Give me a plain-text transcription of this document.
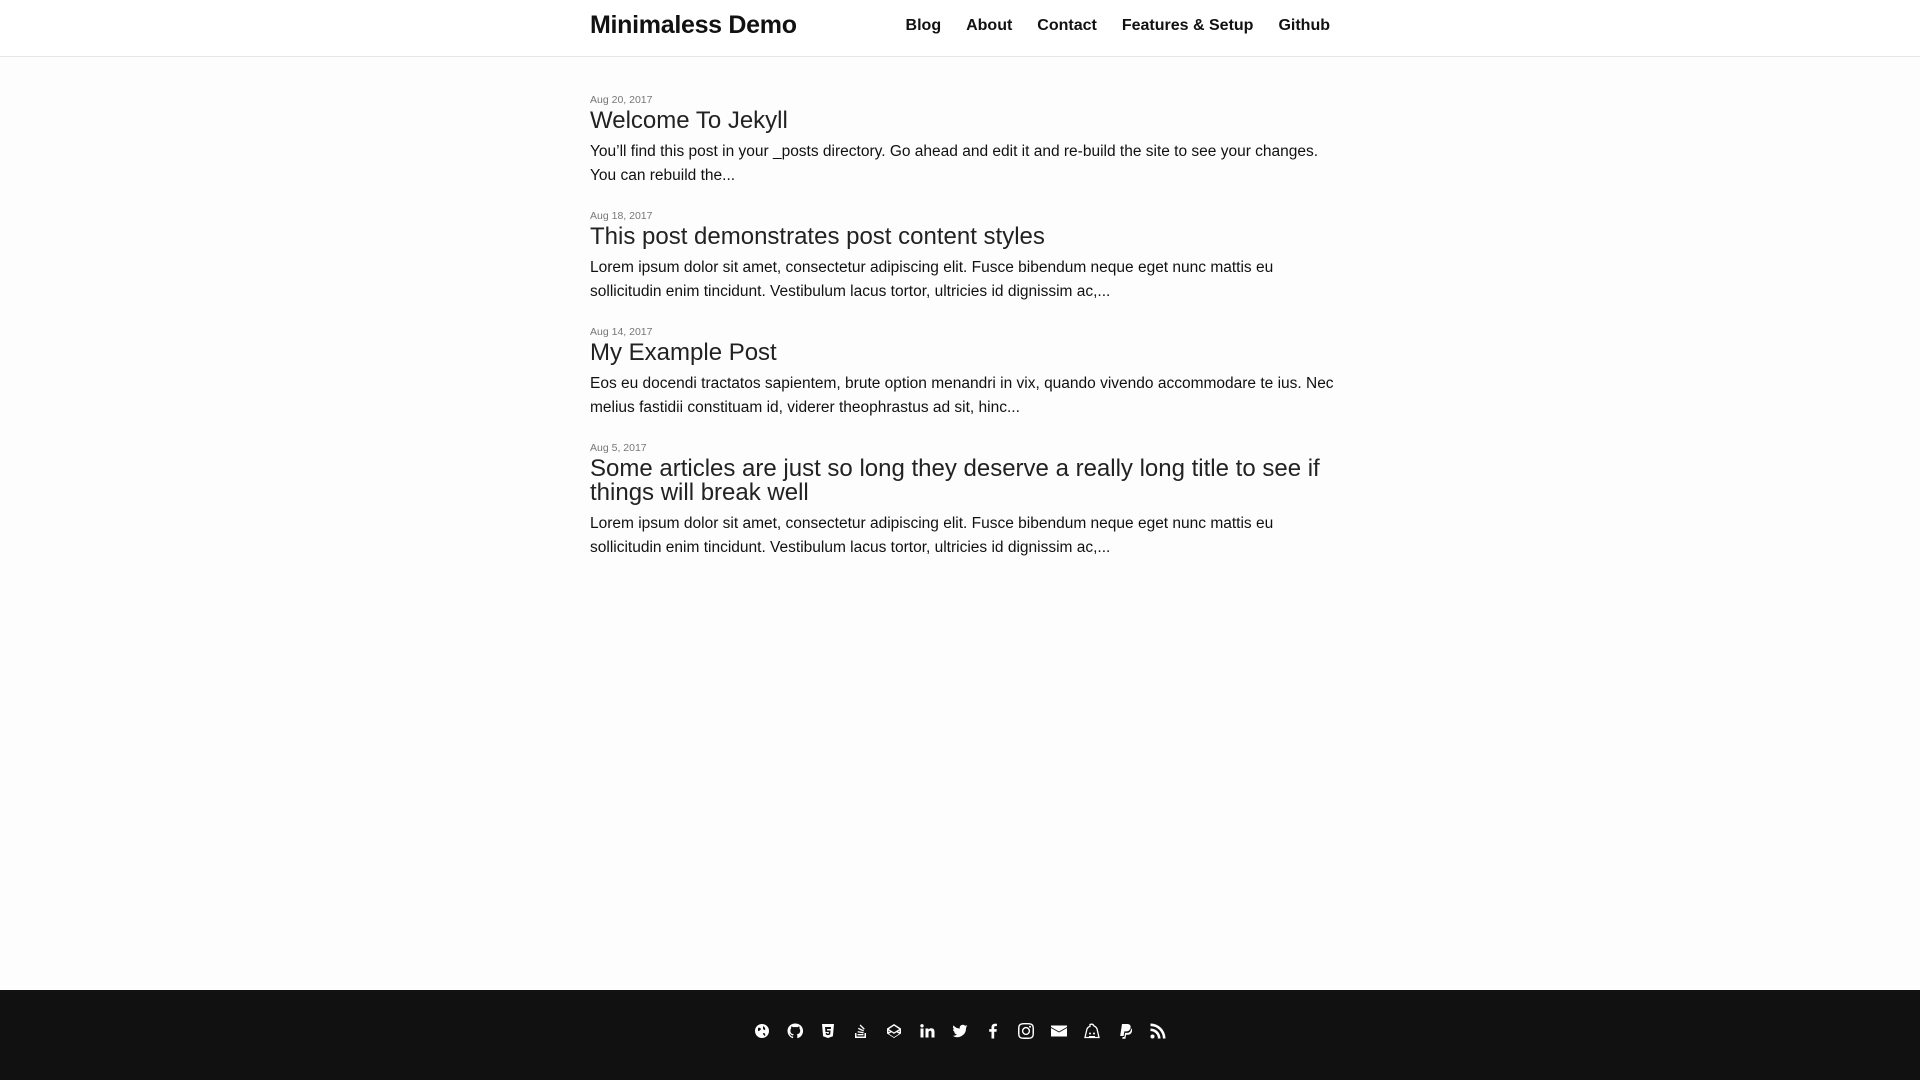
Minimaless Demo	Blog About Contact Features & Setup Github
Aug 20, 2017
Welcome To Jekyll

You’ll find this post in your _posts directory. Go ahead and edit it and re-build the site to see your changes. You can rebuild the...

Aug 18, 2017
This post demonstrates post content styles

Lorem ipsum dolor sit amet, consectetur adipiscing elit. Fusce bibendum neque eget nunc mattis eu sollicitudin enim tincidunt. Vestibulum lacus tortor, ultricies id dignissim ac,...

Aug 14, 2017
My Example Post

Eos eu docendi tractatos sapientem, brute option menandri in vix, quando vivendo accommodare te ius. Nec melius fastidii constituam id, viderer theophrastus ad sit, hinc...

Aug 5, 2017
Some articles are just so long they deserve a really long title to see if things will break well

Lorem ipsum dolor sit amet, consectetur adipiscing elit. Fusce bibendum neque eget nunc mattis eu sollicitudin enim tincidunt. Vestibulum lacus tortor, ultricies id dignissim ac,...
